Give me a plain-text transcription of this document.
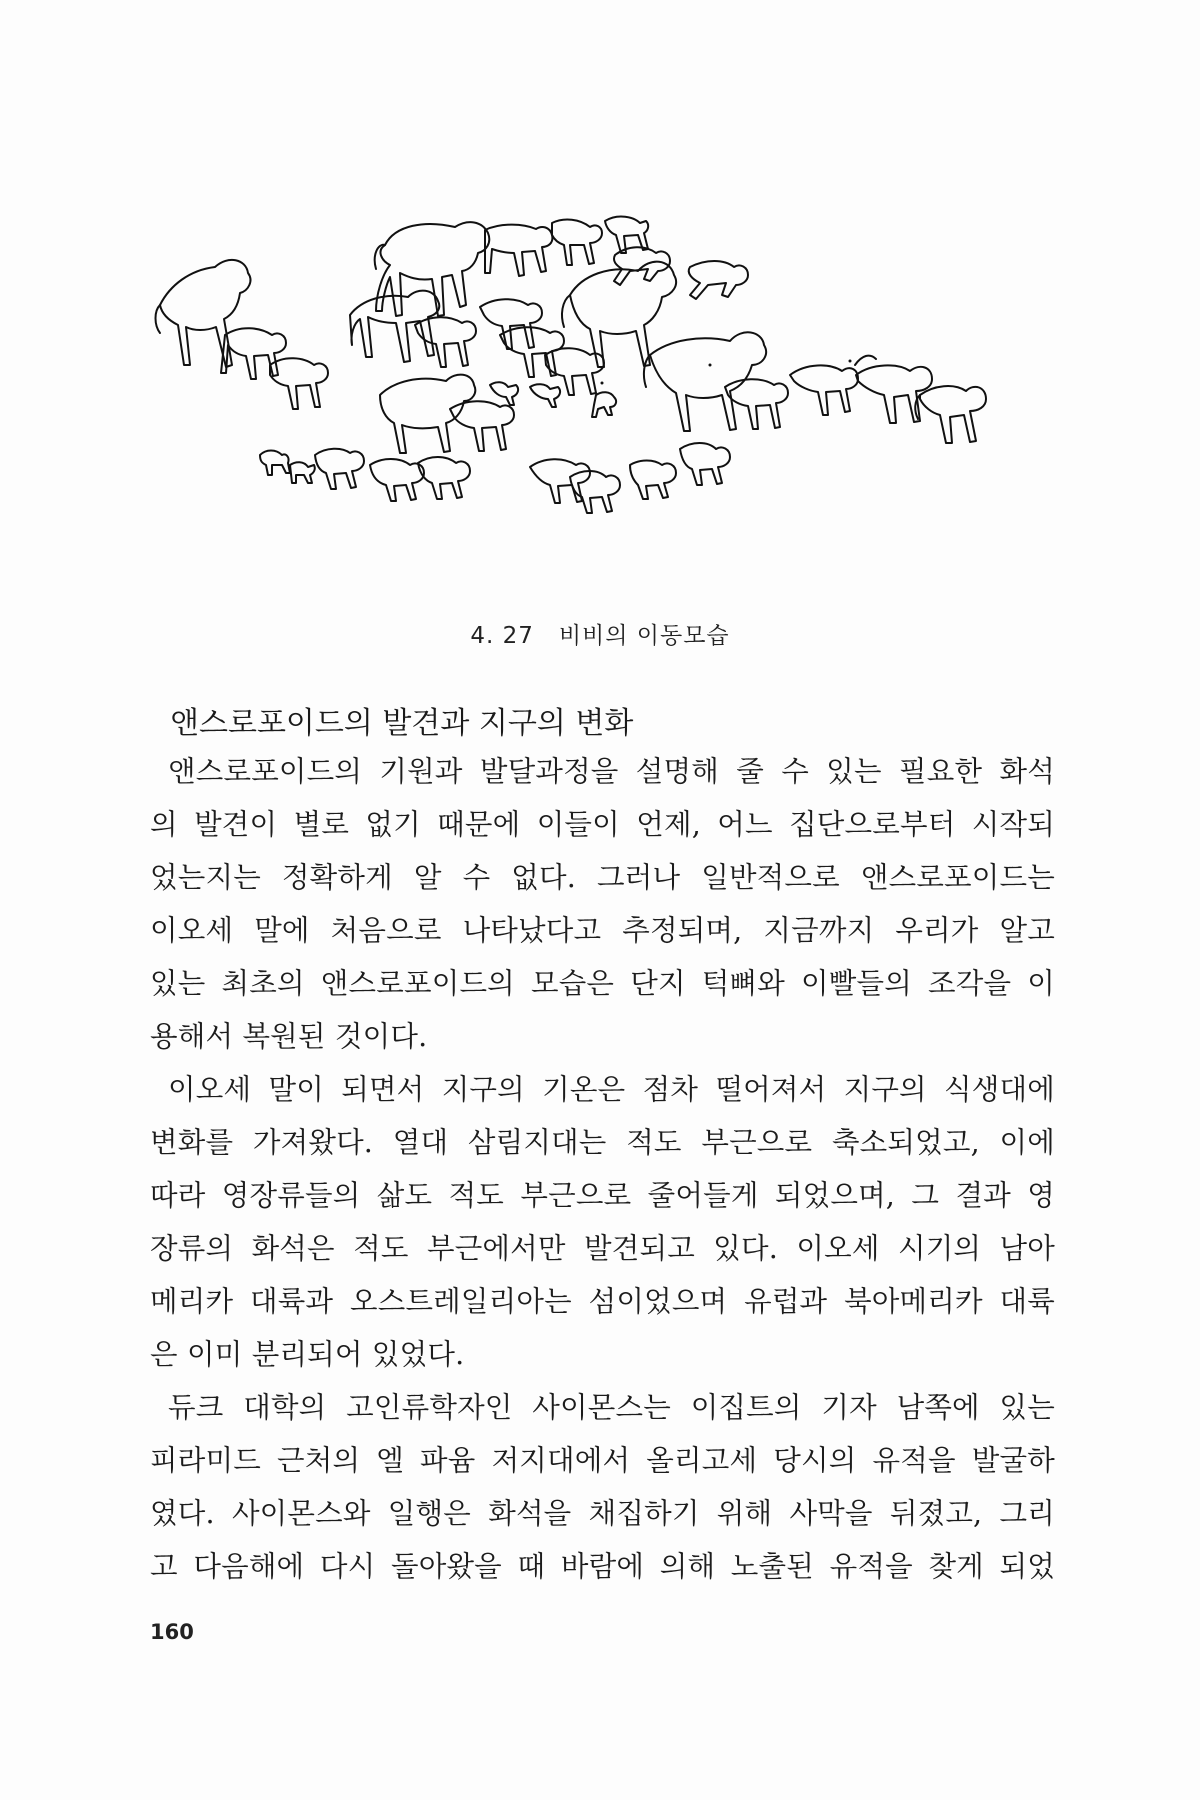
4. 27 비비의 이동모습
앤스로포이드의 발견과 지구의 변화
앤스로포이드의 기원과 발달과정을 설명해 줄 수 있는 필요한 화석
의 발견이 별로 없기 때문에 이들이 언제, 어느 집단으로부터 시작되
었는지는 정확하게 알 수 없다. 그러나 일반적으로 앤스로포이드는
이오세 말에 처음으로 나타났다고 추정되며, 지금까지 우리가 알고
있는 최초의 앤스로포이드의 모습은 단지 턱뼈와 이빨들의 조각을 이
용해서 복원된 것이다.
이오세 말이 되면서 지구의 기온은 점차 떨어져서 지구의 식생대에
변화를 가져왔다. 열대 삼림지대는 적도 부근으로 축소되었고, 이에
따라 영장류들의 삶도 적도 부근으로 줄어들게 되었으며, 그 결과 영
장류의 화석은 적도 부근에서만 발견되고 있다. 이오세 시기의 남아
메리카 대륙과 오스트레일리아는 섬이었으며 유럽과 북아메리카 대륙
은 이미 분리되어 있었다.
듀크 대학의 고인류학자인 사이몬스는 이집트의 기자 남쪽에 있는
피라미드 근처의 엘 파윰 저지대에서 올리고세 당시의 유적을 발굴하
였다. 사이몬스와 일행은 화석을 채집하기 위해 사막을 뒤졌고, 그리
고 다음해에 다시 돌아왔을 때 바람에 의해 노출된 유적을 찾게 되었
160
